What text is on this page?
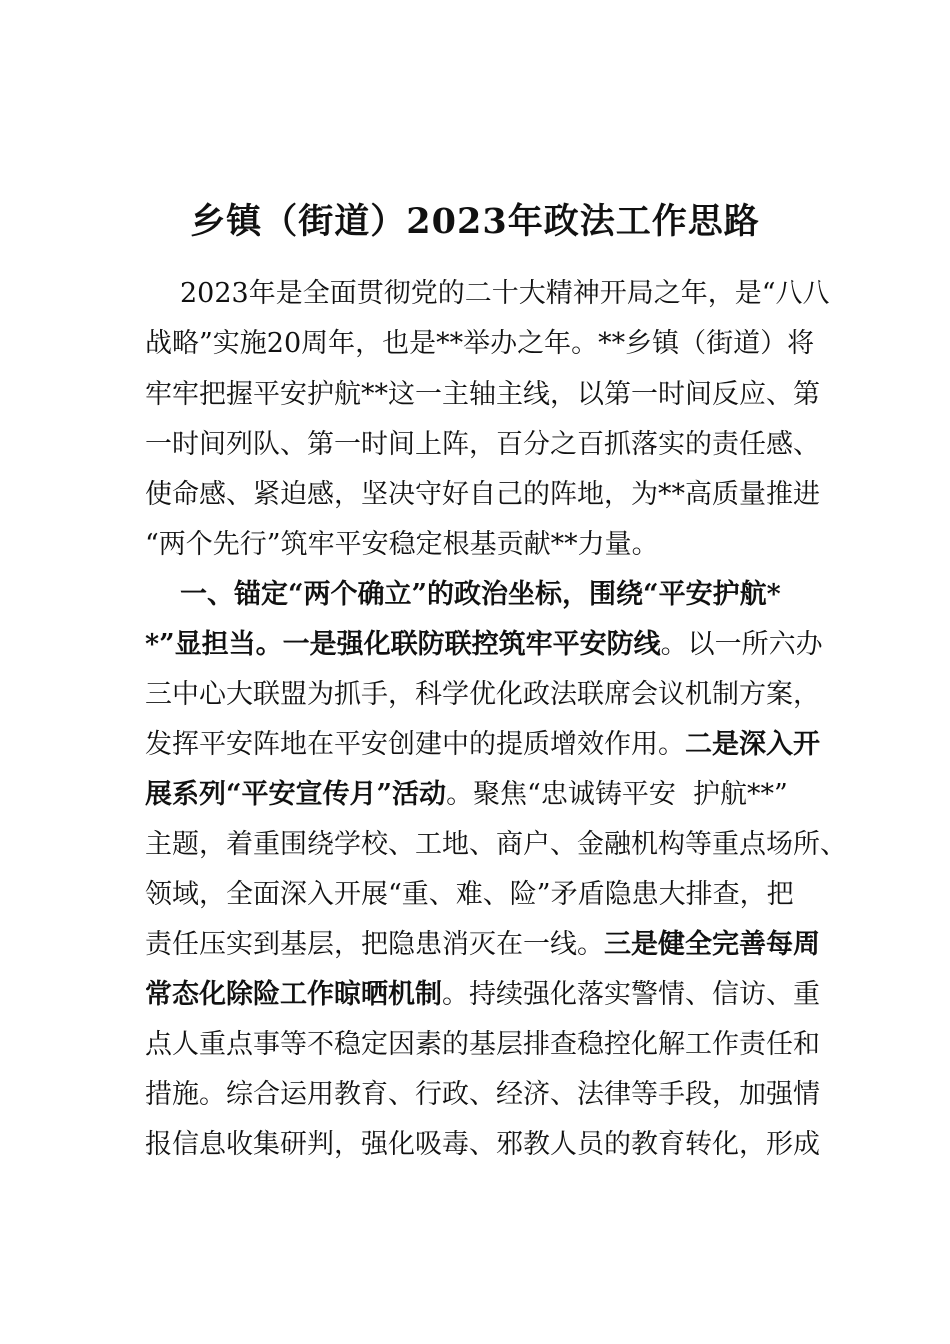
乡镇（街道）2023年政法工作思路
2023年是全面贯彻党的二十大精神开局之年，是“八八
战略”实施20周年，也是**举办之年。**乡镇（街道）将
牢牢把握平安护航**这一主轴主线，以第一时间反应、第
一时间列队、第一时间上阵，百分之百抓落实的责任感、
使命感、紧迫感，坚决守好自己的阵地，为**高质量推进
“两个先行”筑牢平安稳定根基贡献**力量。
一、锚定“两个确立”的政治坐标，围绕“平安护航*
*”显担当。一是强化联防联控筑牢平安防线。以一所六办
三中心大联盟为抓手，科学优化政法联席会议机制方案，
发挥平安阵地在平安创建中的提质增效作用。二是深入开
展系列“平安宣传月”活动。聚焦“忠诚铸平安  护航**”
主题，着重围绕学校、工地、商户、金融机构等重点场所、
领域，全面深入开展“重、难、险”矛盾隐患大排查，把
责任压实到基层，把隐患消灭在一线。三是健全完善每周
常态化除险工作晾晒机制。持续强化落实警情、信访、重
点人重点事等不稳定因素的基层排查稳控化解工作责任和
措施。综合运用教育、行政、经济、法律等手段，加强情
报信息收集研判，强化吸毒、邪教人员的教育转化，形成
